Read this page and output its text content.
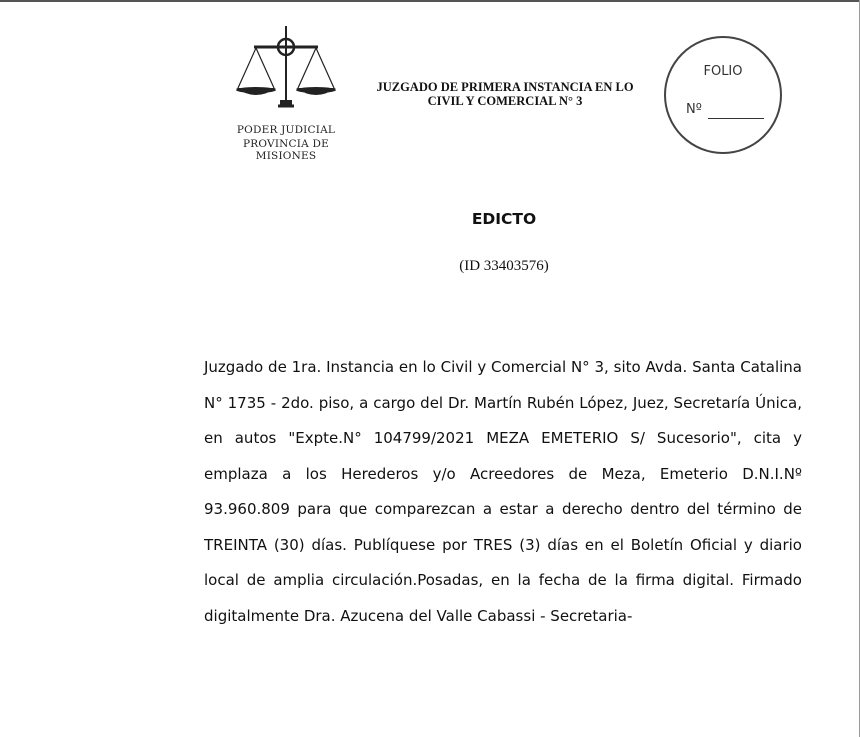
PODER JUDICIAL
PROVINCIA DE MISIONES
JUZGADO DE PRIMERA INSTANCIA EN LO
CIVIL Y COMERCIAL N° 3
FOLIO
Nº
EDICTO
(ID 33403576)

Juzgado de 1ra. Instancia en lo Civil y Comercial N° 3, sito Avda. Santa Catalina N° 1735 - 2do. piso, a cargo del Dr. Martín Rubén López, Juez, Secretaría Única, en autos "Expte.N° 104799/2021 MEZA EMETERIO S/ Sucesorio", cita y emplaza a los Herederos y/o Acreedores de Meza, Emeterio D.N.I.Nº 93.960.809 para que comparezcan a estar a derecho dentro del término de TREINTA (30) días. Publíquese por TRES (3) días en el Boletín Oficial y diario local de amplia circulación.Posadas, en la fecha de la firma digital. Firmado digitalmente Dra. Azucena del Valle Cabassi - Secretaria-
